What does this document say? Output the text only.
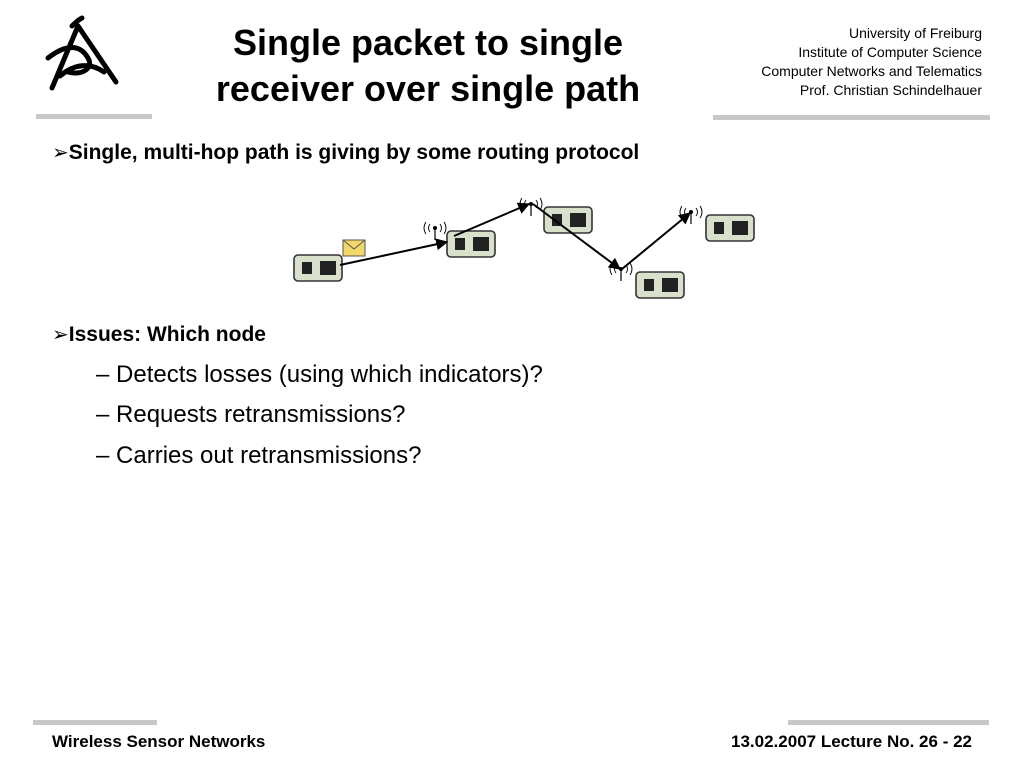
Single packet to single
receiver over single path
University of Freiburg
Institute of Computer Science
Computer Networks and Telematics
Prof. Christian Schindelhauer
➢Single, multi-hop path is giving by some routing protocol
➢Issues: Which node
– Detects losses (using which indicators)?
– Requests retransmissions?
– Carries out retransmissions?
Wireless Sensor Networks	13.02.2007 Lecture No. 26 - 22
